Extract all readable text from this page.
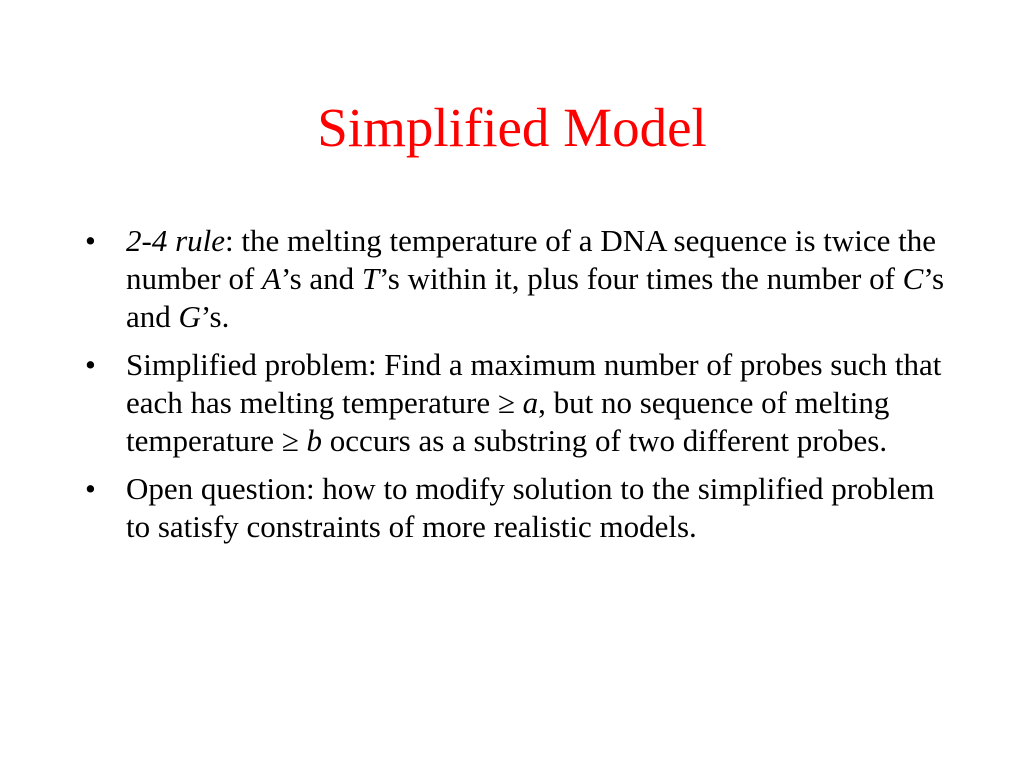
Simplified Model
• 2-4 rule: the melting temperature of a DNA sequence is twice the number of A’s and T’s within it, plus four times the number of C’s and G’s.
• Simplified problem: Find a maximum number of probes such that each has melting temperature ≥ a, but no sequence of melting temperature ≥ b occurs as a substring of two different probes.
• Open question: how to modify solution to the simplified problem to satisfy constraints of more realistic models.
